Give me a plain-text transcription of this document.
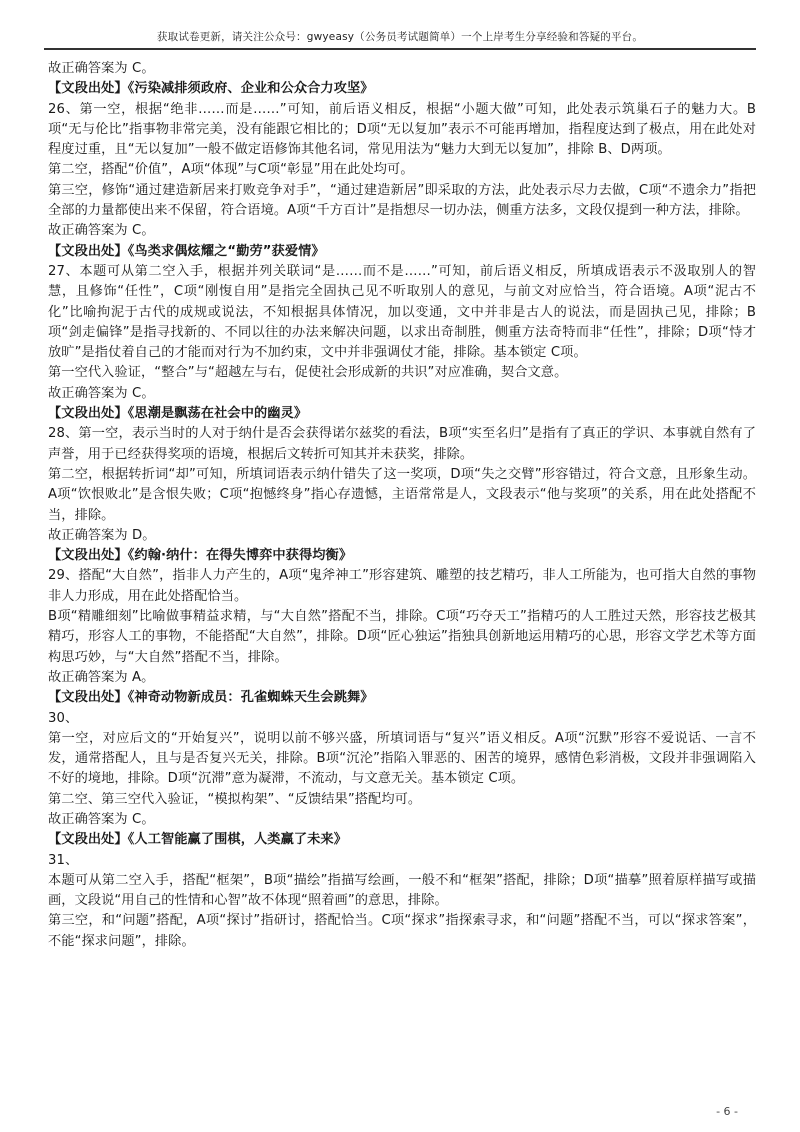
获取试卷更新，请关注公众号：gwyeasy（公务员考试题简单）一个上岸考生分享经验和答疑的平台。

故正确答案为 C。

【文段出处】《污染减排须政府、企业和公众合力攻坚》

26、第一空，根据“绝非……而是……”可知，前后语义相反，根据“小题大做”可知，此处表示筑巢石子的魅力大。B项“无与伦比”指事物非常完美，没有能跟它相比的；D项“无以复加”表示不可能再增加，指程度达到了极点，用在此处对程度过重，且“无以复加”一般不做定语修饰其他名词，常见用法为“魅力大到无以复加”，排除 B、D两项。

第二空，搭配“价值”，A项“体现”与C项“彰显”用在此处均可。

第三空，修饰“通过建造新居来打败竞争对手”，“通过建造新居”即采取的方法，此处表示尽力去做，C项“不遗余力”指把全部的力量都使出来不保留，符合语境。A项“千方百计”是指想尽一切办法，侧重方法多，文段仅提到一种方法，排除。

故正确答案为 C。

【文段出处】《鸟类求偶炫耀之“勤劳”获爱情》

27、本题可从第二空入手，根据并列关联词“是……而不是……”可知，前后语义相反，所填成语表示不汲取别人的智慧，且修饰“任性”，C项“刚愎自用”是指完全固执己见不听取别人的意见，与前文对应恰当，符合语境。A项“泥古不化”比喻拘泥于古代的成规或说法，不知根据具体情况，加以变通，文中并非是古人的说法，而是固执己见，排除；B项“剑走偏锋”是指寻找新的、不同以往的办法来解决问题，以求出奇制胜，侧重方法奇特而非“任性”，排除；D项“恃才放旷”是指仗着自己的才能而对行为不加约束，文中并非强调仗才能，排除。基本锁定 C项。

第一空代入验证，“整合”与“超越左与右，促使社会形成新的共识”对应准确，契合文意。

故正确答案为 C。

【文段出处】《思潮是飘荡在社会中的幽灵》

28、第一空，表示当时的人对于纳什是否会获得诺尔兹奖的看法，B项“实至名归”是指有了真正的学识、本事就自然有了声誉，用于已经获得奖项的语境，根据后文转折可知其并未获奖，排除。

第二空，根据转折词“却”可知，所填词语表示纳什错失了这一奖项，D项“失之交臂”形容错过，符合文意，且形象生动。A项“饮恨败北”是含恨失败；C项“抱憾终身”指心存遗憾，主语常常是人，文段表示“他与奖项”的关系，用在此处搭配不当，排除。

故正确答案为 D。

【文段出处】《约翰·纳什：在得失博弈中获得均衡》

29、搭配“大自然”，指非人力产生的，A项“鬼斧神工”形容建筑、雕塑的技艺精巧，非人工所能为，也可指大自然的事物非人力形成，用在此处搭配恰当。

B项“精雕细刻”比喻做事精益求精，与“大自然”搭配不当，排除。C项“巧夺天工”指精巧的人工胜过天然，形容技艺极其精巧，形容人工的事物，不能搭配“大自然”，排除。D项“匠心独运”指独具创新地运用精巧的心思，形容文学艺术等方面构思巧妙，与“大自然”搭配不当，排除。

故正确答案为 A。

【文段出处】《神奇动物新成员：孔雀蜘蛛天生会跳舞》

30、

第一空，对应后文的“开始复兴”，说明以前不够兴盛，所填词语与“复兴”语义相反。A项“沉默”形容不爱说话、一言不发，通常搭配人，且与是否复兴无关，排除。B项“沉沦”指陷入罪恶的、困苦的境界，感情色彩消极，文段并非强调陷入不好的境地，排除。D项“沉滞”意为凝滞，不流动，与文意无关。基本锁定 C项。

第二空、第三空代入验证，“模拟构架”、“反馈结果”搭配均可。

故正确答案为 C。

【文段出处】《人工智能赢了围棋，人类赢了未来》

31、

本题可从第二空入手，搭配“框架”，B项“描绘”指描写绘画，一般不和“框架”搭配，排除；D项“描摹”照着原样描写或描画，文段说“用自己的性情和心智”故不体现“照着画”的意思，排除。

第三空，和“问题”搭配，A项“探讨”指研讨，搭配恰当。C项“探求”指探索寻求，和“问题”搭配不当，可以“探求答案”，不能“探求问题”，排除。

- 6 -
